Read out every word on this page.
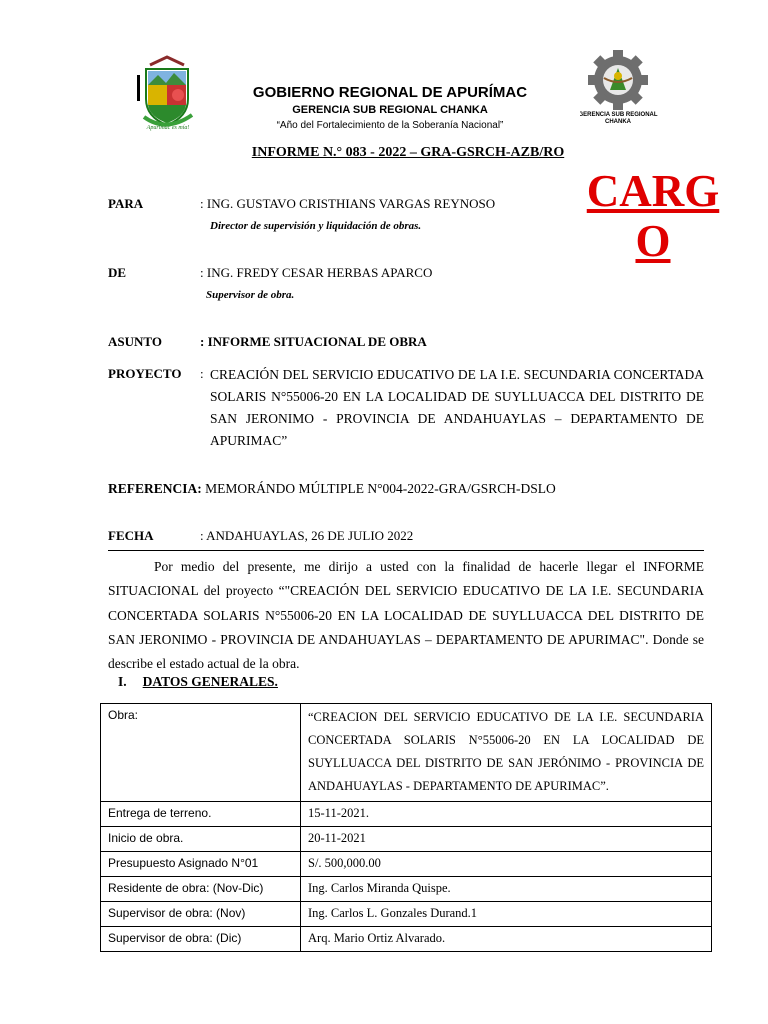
Apurímac es mía!
GOBIERNO REGIONAL DE APURÍMAC
GERENCIA SUB REGIONAL CHANKA
“Año del Fortalecimiento de la Soberanía Nacional”
GERENCIA SUB REGIONAL
CHANKA
INFORME N.° 083 - 2022 – GRA-GSRCH-AZB/RO
CARG
O
PARA	: ING. GUSTAVO CRISTHIANS VARGAS REYNOSO
Director de supervisión y liquidación de obras.
DE	: ING. FREDY CESAR HERBAS APARCO
Supervisor de obra.
ASUNTO	: INFORME SITUACIONAL DE OBRA
PROYECTO : CREACIÓN DEL SERVICIO EDUCATIVO DE LA I.E. SECUNDARIA CONCERTADA SOLARIS N°55006-20 EN LA LOCALIDAD DE SUYLLUACCA DEL DISTRITO DE SAN JERONIMO - PROVINCIA DE ANDAHUAYLAS – DEPARTAMENTO DE APURIMAC”
REFERENCIA: MEMORÁNDO MÚLTIPLE N°004-2022-GRA/GSRCH-DSLO
FECHA	: ANDAHUAYLAS, 26 DE JULIO 2022
Por medio del presente, me dirijo a usted con la finalidad de hacerle llegar el INFORME SITUACIONAL del proyecto “"CREACIÓN DEL SERVICIO EDUCATIVO DE LA I.E. SECUNDARIA CONCERTADA SOLARIS N°55006-20 EN LA LOCALIDAD DE SUYLLUACCA DEL DISTRITO DE SAN JERONIMO - PROVINCIA DE ANDAHUAYLAS – DEPARTAMENTO DE APURIMAC". Donde se describe el estado actual de la obra.
I. DATOS GENERALES.
Obra:	“CREACION DEL SERVICIO EDUCATIVO DE LA I.E. SECUNDARIA CONCERTADA SOLARIS N°55006-20 EN LA LOCALIDAD DE SUYLLUACCA DEL DISTRITO DE SAN JERÓNIMO - PROVINCIA DE ANDAHUAYLAS - DEPARTAMENTO DE APURIMAC”.
Entrega de terreno.	15-11-2021.
Inicio de obra.	20-11-2021
Presupuesto Asignado N°01	S/. 500,000.00
Residente de obra: (Nov-Dic)	Ing. Carlos Miranda Quispe.
Supervisor de obra: (Nov)	Ing. Carlos L. Gonzales Durand.1
Supervisor de obra: (Dic)	Arq. Mario Ortiz Alvarado.
